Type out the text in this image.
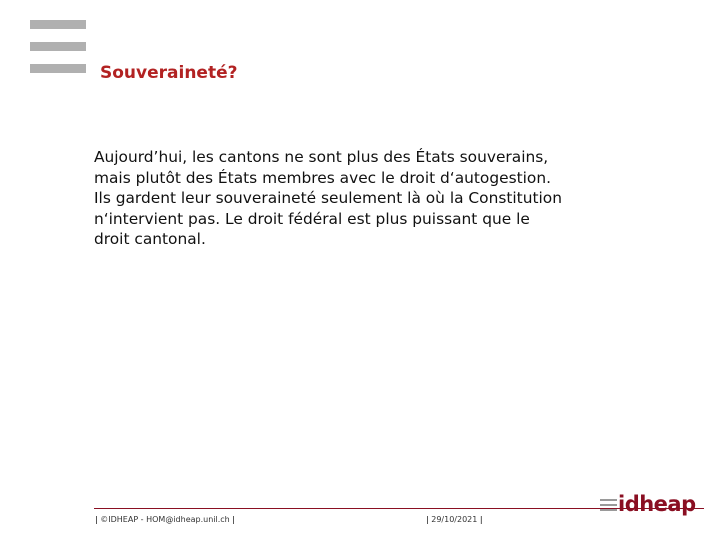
Souveraineté?
Aujourd’hui, les cantons ne sont plus des États souverains,
mais plutôt des États membres avec le droit d‘autogestion.
Ils gardent leur souveraineté seulement là où la Constitution
n‘intervient pas. Le droit fédéral est plus puissant que le
droit cantonal.
| ©IDHEAP - HOM@idheap.unil.ch |	| 29/10/2021 |
idheap
